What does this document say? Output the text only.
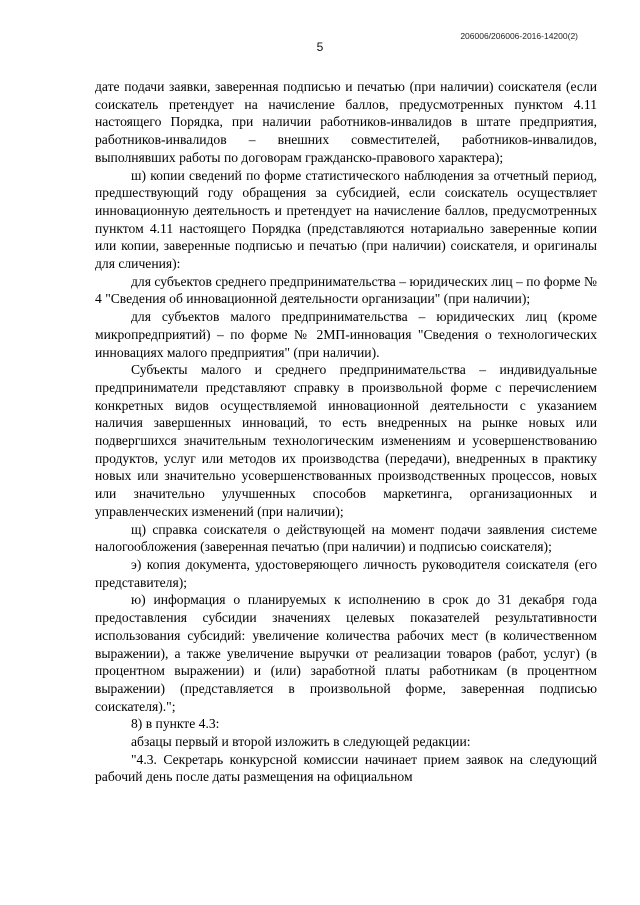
206006/206006-2016-14200(2)
5

дате подачи заявки, заверенная подписью и печатью (при наличии) соискателя (если соискатель претендует на начисление баллов, предусмотренных пунктом 4.11 настоящего Порядка, при наличии работников-инвалидов в штате предприятия, работников-инвалидов – внешних совместителей, работников-инвалидов, выполнявших работы по договорам гражданско-правового характера);

ш) копии сведений по форме статистического наблюдения за отчетный период, предшествующий году обращения за субсидией, если соискатель осуществляет инновационную деятельность и претендует на начисление баллов, предусмотренных пунктом 4.11 настоящего Порядка (представляются нотариально заверенные копии или копии, заверенные подписью и печатью (при наличии) соискателя, и оригиналы для сличения):

для субъектов среднего предпринимательства – юридических лиц – по форме № 4 "Сведения об инновационной деятельности организации" (при наличии);

для субъектов малого предпринимательства – юридических лиц (кроме микропредприятий) – по форме № 2МП-инновация "Сведения о технологических инновациях малого предприятия" (при наличии).

Субъекты малого и среднего предпринимательства – индивидуальные предприниматели представляют справку в произвольной форме с перечислением конкретных видов осуществляемой инновационной деятельности с указанием наличия завершенных инноваций, то есть внедренных на рынке новых или подвергшихся значительным технологическим изменениям и усовершенствованию продуктов, услуг или методов их производства (передачи), внедренных в практику новых или значительно усовершенствованных производственных процессов, новых или значительно улучшенных способов маркетинга, организационных и управленческих изменений (при наличии);

щ) справка соискателя о действующей на момент подачи заявления системе налогообложения (заверенная печатью (при наличии) и подписью соискателя);

э) копия документа, удостоверяющего личность руководителя соискателя (его представителя);

ю) информация о планируемых к исполнению в срок до 31 декабря года предоставления субсидии значениях целевых показателей результативности использования субсидий: увеличение количества рабочих мест (в количественном выражении), а также увеличение выручки от реализации товаров (работ, услуг) (в процентном выражении) и (или) заработной платы работникам (в процентном выражении) (представляется в произвольной форме, заверенная подписью соискателя).";

8) в пункте 4.3:

абзацы первый и второй изложить в следующей редакции:

"4.3. Секретарь конкурсной комиссии начинает прием заявок на следующий рабочий день после даты размещения на официальном
